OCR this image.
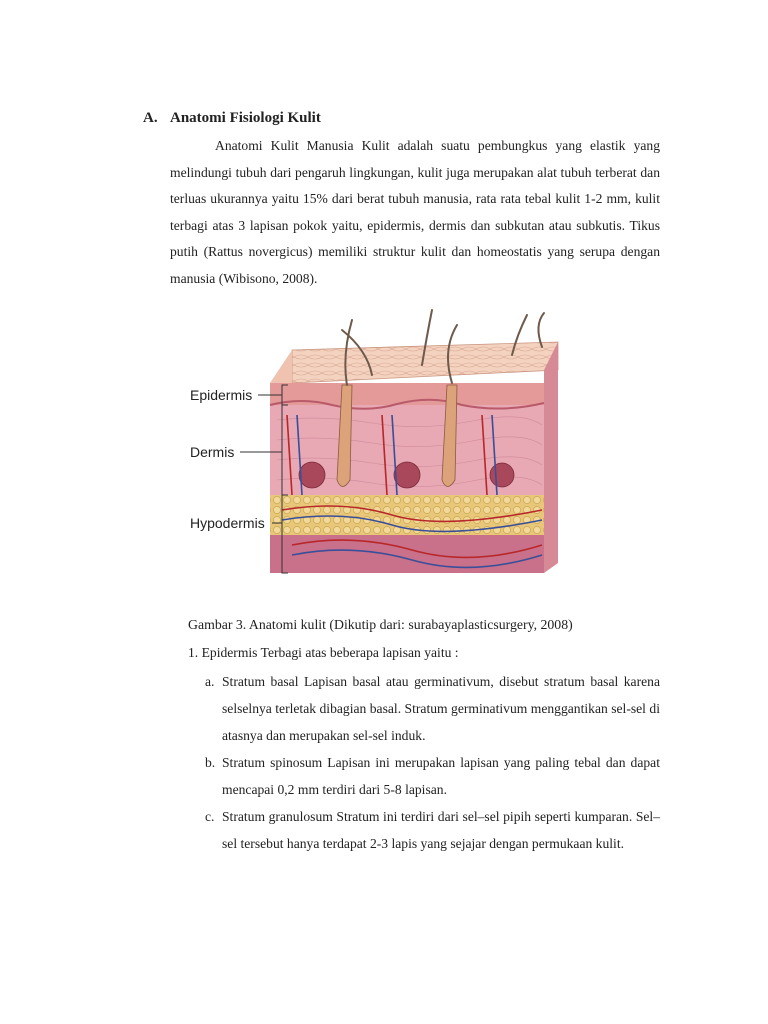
A. Anatomi Fisiologi Kulit
Anatomi Kulit Manusia Kulit adalah suatu pembungkus yang elastik yang melindungi tubuh dari pengaruh lingkungan, kulit juga merupakan alat tubuh terberat dan terluas ukurannya yaitu 15% dari berat tubuh manusia, rata rata tebal kulit 1-2 mm, kulit terbagi atas 3 lapisan pokok yaitu, epidermis, dermis dan subkutan atau subkutis. Tikus putih (Rattus novergicus) memiliki struktur kulit dan homeostatis yang serupa dengan manusia (Wibisono, 2008).
Epidermis
Dermis
Hypodermis
Gambar 3. Anatomi kulit (Dikutip dari: surabayaplasticsurgery, 2008)
1. Epidermis Terbagi atas beberapa lapisan yaitu :
a. Stratum basal Lapisan basal atau germinativum, disebut stratum basal karena selselnya terletak dibagian basal. Stratum germinativum menggantikan sel-sel di atasnya dan merupakan sel-sel induk.
b. Stratum spinosum Lapisan ini merupakan lapisan yang paling tebal dan dapat mencapai 0,2 mm terdiri dari 5-8 lapisan.
c. Stratum granulosum Stratum ini terdiri dari sel–sel pipih seperti kumparan. Sel–sel tersebut hanya terdapat 2-3 lapis yang sejajar dengan permukaan kulit.
